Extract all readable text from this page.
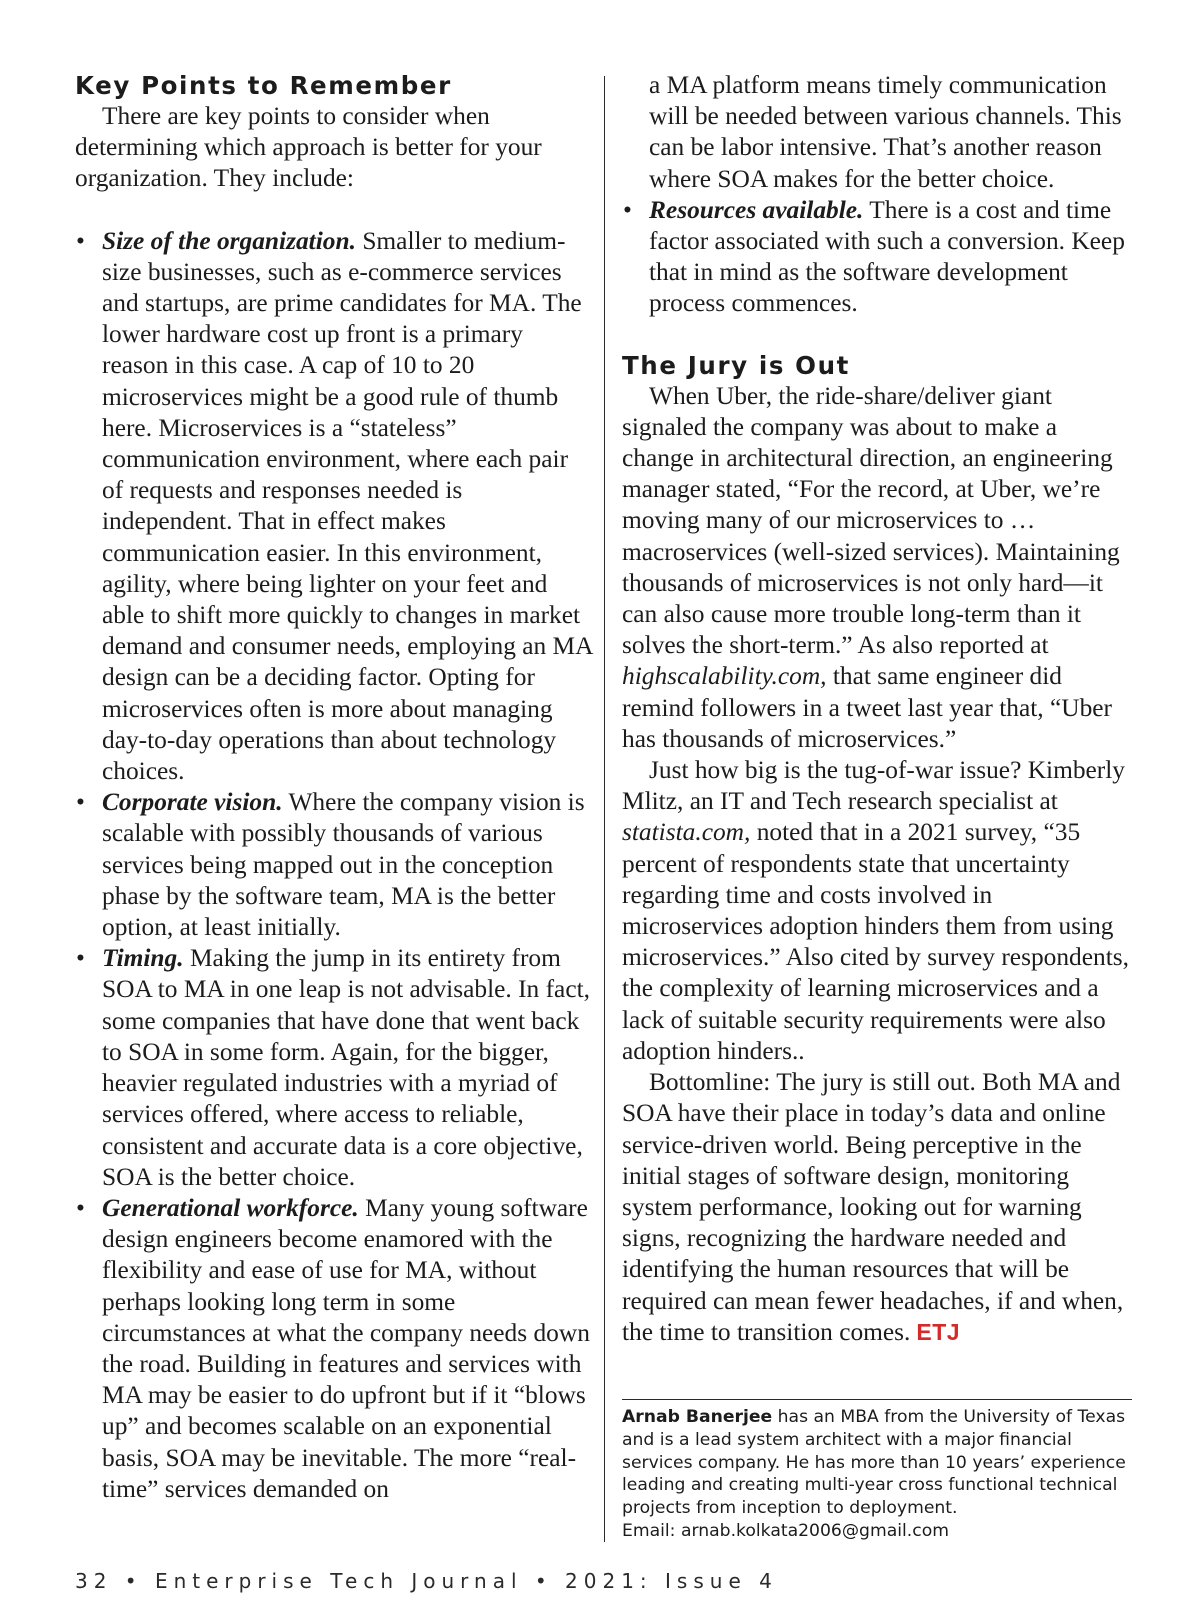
Key Points to Remember

There are key points to consider when determining which approach is better for your organization. They include:

• Size of the organization. Smaller to medium-size businesses, such as e-commerce services and startups, are prime candidates for MA. The lower hardware cost up front is a primary reason in this case. A cap of 10 to 20 microservices might be a good rule of thumb here. Microservices is a “stateless” communication environment, where each pair of requests and responses needed is independent. That in effect makes communication easier. In this environment, agility, where being lighter on your feet and able to shift more quickly to changes in market demand and consumer needs, employing an MA design can be a deciding factor. Opting for microservices often is more about managing day-to-day operations than about technology choices.
• Corporate vision. Where the company vision is scalable with possibly thousands of various services being mapped out in the conception phase by the software team, MA is the better option, at least initially.
• Timing. Making the jump in its entirety from SOA to MA in one leap is not advisable. In fact, some companies that have done that went back to SOA in some form. Again, for the bigger, heavier regulated industries with a myriad of services offered, where access to reliable, consistent and accurate data is a core objective, SOA is the better choice.
• Generational workforce. Many young software design engineers become enamored with the flexibility and ease of use for MA, without perhaps looking long term in some circumstances at what the company needs down the road. Building in features and services with MA may be easier to do upfront but if it “blows up” and becomes scalable on an exponential basis, SOA may be inevitable. The more “real-time” services demanded on
a MA platform means timely communication will be needed between various channels. This can be labor intensive. That’s another reason where SOA makes for the better choice.
• Resources available. There is a cost and time factor associated with such a conversion. Keep that in mind as the software development process commences.
The Jury is Out

When Uber, the ride-share/deliver giant signaled the company was about to make a change in architectural direction, an engineering manager stated, “For the record, at Uber, we’re moving many of our microservices to … macroservices (well-sized services). Maintaining thousands of microservices is not only hard—it can also cause more trouble long-term than it solves the short-term.” As also reported at highscalability.com, that same engineer did remind followers in a tweet last year that, “Uber has thousands of microservices.”

Just how big is the tug-of-war issue? Kimberly Mlitz, an IT and Tech research specialist at statista.com, noted that in a 2021 survey, “35 percent of respondents state that uncertainty regarding time and costs involved in microservices adoption hinders them from using microservices.” Also cited by survey respondents, the complexity of learning microservices and a lack of suitable security requirements were also adoption hinders..

Bottomline: The jury is still out. Both MA and SOA have their place in today’s data and online service-driven world. Being perceptive in the initial stages of software design, monitoring system performance, looking out for warning signs, recognizing the hardware needed and identifying the human resources that will be required can mean fewer headaches, if and when, the time to transition comes. ETJ

Arnab Banerjee has an MBA from the University of Texas and is a lead system architect with a major financial services company. He has more than 10 years’ experience leading and creating multi-year cross functional technical projects from inception to deployment.

Email: arnab.kolkata2006@gmail.com

32 • Enterprise Tech Journal • 2021: Issue 4
